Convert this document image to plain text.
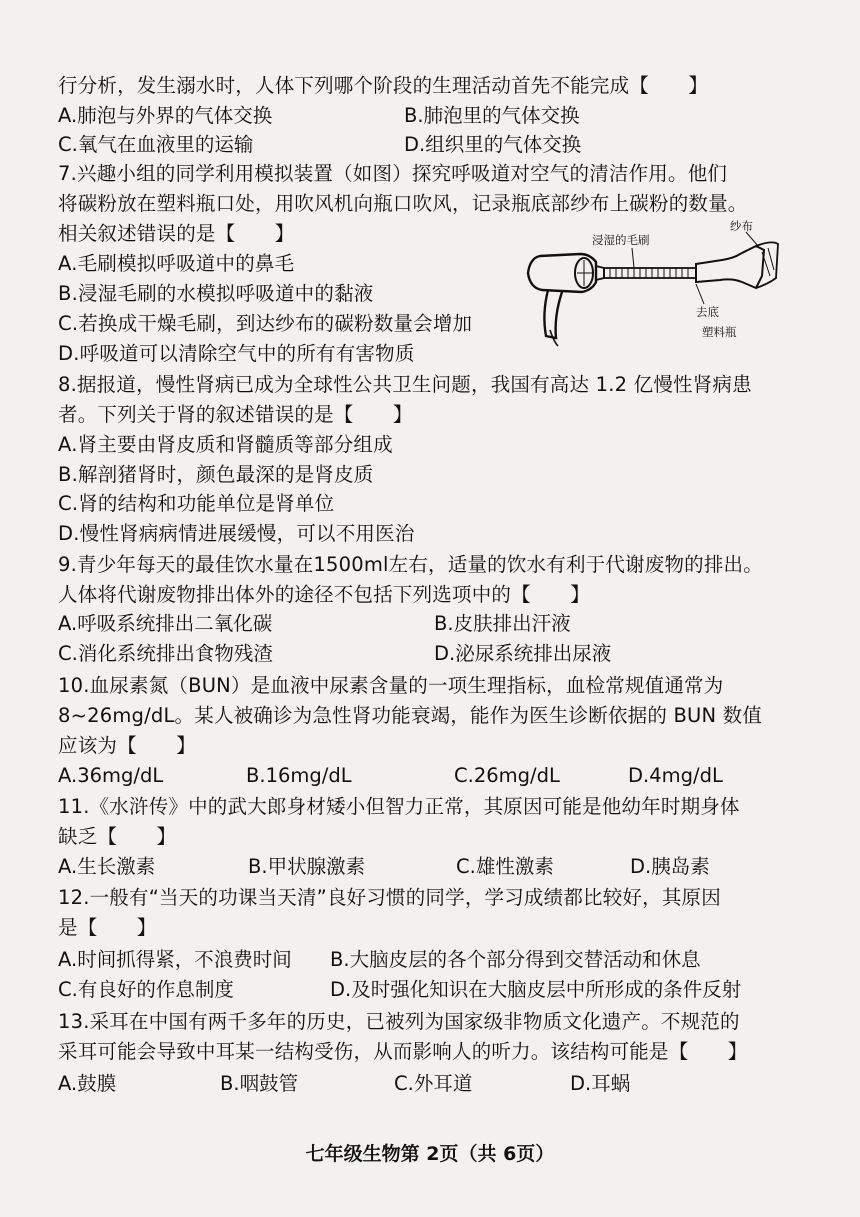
行分析，发生溺水时，人体下列哪个阶段的生理活动首先不能完成【　　】
A.肺泡与外界的气体交换	B.肺泡里的气体交换
C.氧气在血液里的运输	D.组织里的气体交换
7.兴趣小组的同学利用模拟装置（如图）探究呼吸道对空气的清洁作用。他们
将碳粉放在塑料瓶口处，用吹风机向瓶口吹风，记录瓶底部纱布上碳粉的数量。
相关叙述错误的是【　　】
A.毛刷模拟呼吸道中的鼻毛
B.浸湿毛刷的水模拟呼吸道中的黏液
C.若换成干燥毛刷，到达纱布的碳粉数量会增加
D.呼吸道可以清除空气中的所有有害物质
浸湿的毛刷
纱布
去底
塑料瓶
8.据报道，慢性肾病已成为全球性公共卫生问题，我国有高达 1.2 亿慢性肾病患
者。下列关于肾的叙述错误的是【　　】
A.肾主要由肾皮质和肾髓质等部分组成
B.解剖猪肾时，颜色最深的是肾皮质
C.肾的结构和功能单位是肾单位
D.慢性肾病病情进展缓慢，可以不用医治
9.青少年每天的最佳饮水量在1500ml左右，适量的饮水有利于代谢废物的排出。
人体将代谢废物排出体外的途径不包括下列选项中的【　　】
A.呼吸系统排出二氧化碳	B.皮肤排出汗液
C.消化系统排出食物残渣	D.泌尿系统排出尿液
10.血尿素氮（BUN）是血液中尿素含量的一项生理指标，血检常规值通常为
8~26mg/dL。某人被确诊为急性肾功能衰竭，能作为医生诊断依据的 BUN 数值
应该为【　　】
A.36mg/dL	B.16mg/dL	C.26mg/dL	D.4mg/dL
11.《水浒传》中的武大郎身材矮小但智力正常，其原因可能是他幼年时期身体
缺乏【　　】
A.生长激素	B.甲状腺激素	C.雄性激素	D.胰岛素
12.一般有“当天的功课当天清”良好习惯的同学，学习成绩都比较好，其原因
是【　　】
A.时间抓得紧，不浪费时间 B.大脑皮层的各个部分得到交替活动和休息
C.有良好的作息制度	D.及时强化知识在大脑皮层中所形成的条件反射
13.采耳在中国有两千多年的历史，已被列为国家级非物质文化遗产。不规范的
采耳可能会导致中耳某一结构受伤，从而影响人的听力。该结构可能是【　　】
A.鼓膜	B.咽鼓管	C.外耳道	D.耳蜗
七年级生物第 2页（共 6页）
